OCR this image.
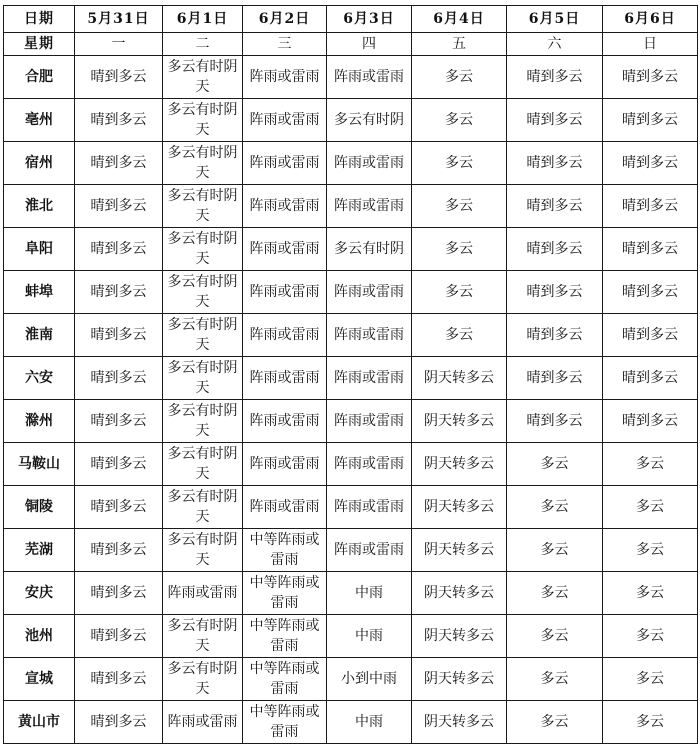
日期	5月31日	6月1日	6月2日	6月3日	6月4日	6月5日	6月6日
星期	一	二	三	四	五	六	日
合肥	晴到多云	多云有时阴天	阵雨或雷雨	阵雨或雷雨	多云	晴到多云	晴到多云
亳州	晴到多云	多云有时阴天	阵雨或雷雨	多云有时阴	多云	晴到多云	晴到多云
宿州	晴到多云	多云有时阴天	阵雨或雷雨	阵雨或雷雨	多云	晴到多云	晴到多云
淮北	晴到多云	多云有时阴天	阵雨或雷雨	阵雨或雷雨	多云	晴到多云	晴到多云
阜阳	晴到多云	多云有时阴天	阵雨或雷雨	多云有时阴	多云	晴到多云	晴到多云
蚌埠	晴到多云	多云有时阴天	阵雨或雷雨	阵雨或雷雨	多云	晴到多云	晴到多云
淮南	晴到多云	多云有时阴天	阵雨或雷雨	阵雨或雷雨	多云	晴到多云	晴到多云
六安	晴到多云	多云有时阴天	阵雨或雷雨	阵雨或雷雨	阴天转多云	晴到多云	晴到多云
滁州	晴到多云	多云有时阴天	阵雨或雷雨	阵雨或雷雨	阴天转多云	晴到多云	晴到多云
马鞍山	晴到多云	多云有时阴天	阵雨或雷雨	阵雨或雷雨	阴天转多云	多云	多云
铜陵	晴到多云	多云有时阴天	阵雨或雷雨	阵雨或雷雨	阴天转多云	多云	多云
芜湖	晴到多云	多云有时阴天	中等阵雨或雷雨	阵雨或雷雨	阴天转多云	多云	多云
安庆	晴到多云	阵雨或雷雨	中等阵雨或雷雨	中雨	阴天转多云	多云	多云
池州	晴到多云	多云有时阴天	中等阵雨或雷雨	中雨	阴天转多云	多云	多云
宣城	晴到多云	多云有时阴天	中等阵雨或雷雨	小到中雨	阴天转多云	多云	多云
黄山市	晴到多云	阵雨或雷雨	中等阵雨或雷雨	中雨	阴天转多云	多云	多云
